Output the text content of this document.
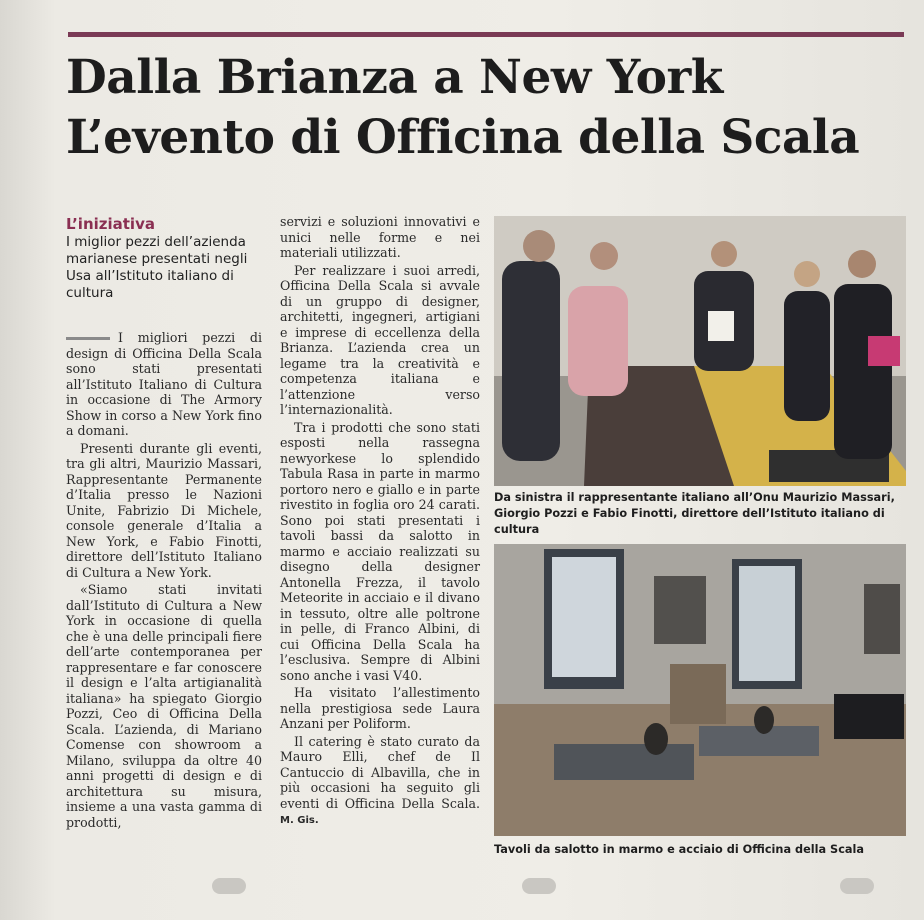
Dalla Brianza a New York
L’evento di Officina della Scala
L’iniziativa
I miglior pezzi dell’azienda marianese presentati negli Usa all’Istituto italiano di cultura

I migliori pezzi di design di Officina Della Scala sono stati presentati all’Istituto Italiano di Cultura in occasione di The Armory Show in corso a New York fino a domani.

Presenti durante gli eventi, tra gli altri, Maurizio Massari, Rappresentante Permanente d’Italia presso le Nazioni Unite, Fabrizio Di Michele, console generale d’Italia a New York, e Fabio Finotti, direttore dell’Istituto Italiano di Cultura a New York.

«Siamo stati invitati dall’Istituto di Cultura a New York in occasione di quella che è una delle principali fiere dell’arte contemporanea per rappresentare e far conoscere il design e l’alta artigianalità italiana» ha spiegato Giorgio Pozzi, Ceo di Officina Della Scala. L’azienda, di Mariano Comense con showroom a Milano, sviluppa da oltre 40 anni progetti di design e di architettura su misura, insieme a una vasta gamma di prodotti,

servizi e soluzioni innovativi e unici nelle forme e nei materiali utilizzati.

Per realizzare i suoi arredi, Officina Della Scala si avvale di un gruppo di designer, architetti, ingegneri, artigiani e imprese di eccellenza della Brianza. L’azienda crea un legame tra la creatività e competenza italiana e l’attenzione verso l’internazionalità.

Tra i prodotti che sono stati esposti nella rassegna newyorkese lo splendido Tabula Rasa in parte in marmo portoro nero e giallo e in parte rivestito in foglia oro 24 carati. Sono poi stati presentati i tavoli bassi da salotto in marmo e acciaio realizzati su disegno della designer Antonella Frezza, il tavolo Meteorite in acciaio e il divano in tessuto, oltre alle poltrone in pelle, di Franco Albini, di cui Officina Della Scala ha l’esclusiva. Sempre di Albini sono anche i vasi V40.

Ha visitato l’allestimento nella prestigiosa sede Laura Anzani per Poliform.

Il catering è stato curato da Mauro Elli, chef de Il Cantuccio di Albavilla, che in più occasioni ha seguito gli eventi di Officina Della Scala. M. Gis.

Da sinistra il rappresentante italiano all’Onu Maurizio Massari, Giorgio Pozzi e Fabio Finotti, direttore dell’Istituto italiano di cultura
Tavoli da salotto in marmo e acciaio di Officina della Scala
